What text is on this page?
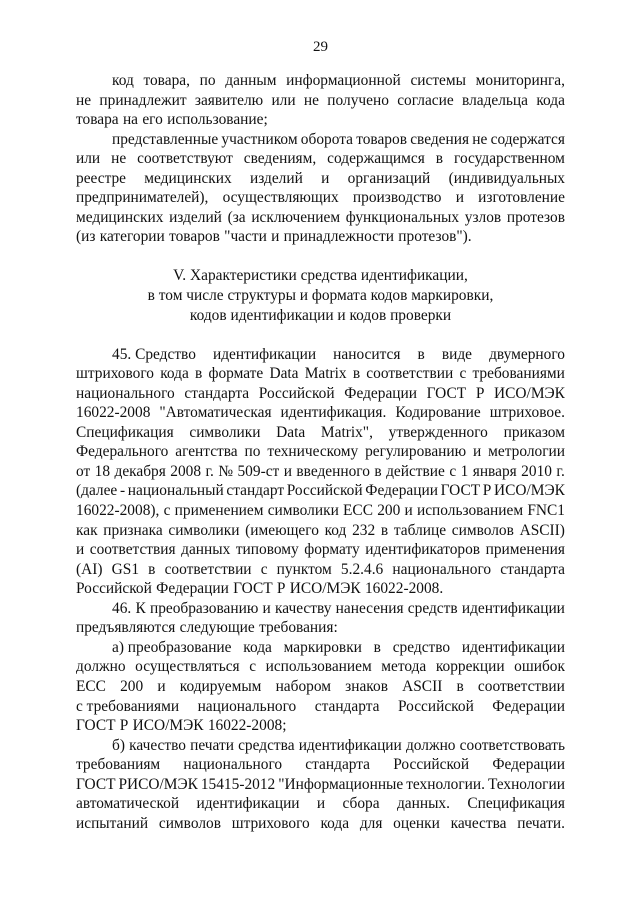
29
код товара, по данным информационной системы мониторинга,
не принадлежит заявителю или не получено согласие владельца кода
товара на его использование;
представленные участником оборота товаров сведения не содержатся
или не соответствуют сведениям, содержащимся в государственном
реестре медицинских изделий и организаций (индивидуальных
предпринимателей), осуществляющих производство и изготовление
медицинских изделий (за исключением функциональных узлов протезов
(из категории товаров "части и принадлежности протезов").
V. Характеристики средства идентификации,
в том числе структуры и формата кодов маркировки,
кодов идентификации и кодов проверки
45. Средство идентификации наносится в виде двумерного
штрихового кода в формате Data Matrix в соответствии с требованиями
национального стандарта Российской Федерации ГОСТ Р ИСО/МЭК
16022-2008 "Автоматическая идентификация. Кодирование штриховое.
Спецификация символики Data Matrix", утвержденного приказом
Федерального агентства по техническому регулированию и метрологии
от 18 декабря 2008 г. № 509-ст и введенного в действие с 1 января 2010 г.
(далее - национальный стандарт Российской Федерации ГОСТ Р ИСО/МЭК
16022-2008), с применением символики ЕСС 200 и использованием FNC1
как признака символики (имеющего код 232 в таблице символов ASCII)
и соответствия данных типовому формату идентификаторов применения
(AI) GS1 в соответствии с пунктом 5.2.4.6 национального стандарта
Российской Федерации ГОСТ Р ИСО/МЭК 16022-2008.
46. К преобразованию и качеству нанесения средств идентификации
предъявляются следующие требования:
а) преобразование кода маркировки в средство идентификации
должно осуществляться с использованием метода коррекции ошибок
ЕСС 200 и кодируемым набором знаков ASCII в соответствии
с требованиями национального стандарта Российской Федерации
ГОСТ Р ИСО/МЭК 16022-2008;
б) качество печати средства идентификации должно соответствовать
требованиям национального стандарта Российской Федерации
ГОСТ РИСО/МЭК 15415-2012 "Информационные технологии. Технологии
автоматической идентификации и сбора данных. Спецификация
испытаний символов штрихового кода для оценки качества печати.
